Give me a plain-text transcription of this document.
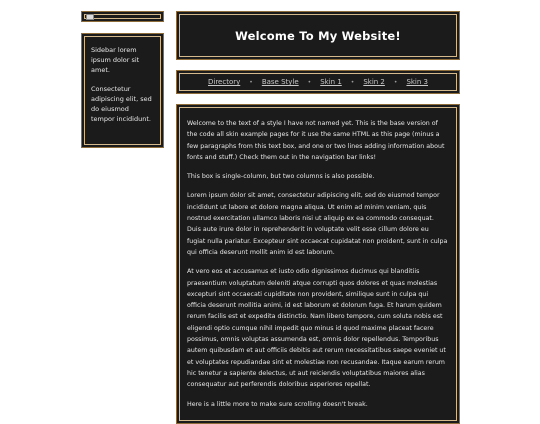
Sidebar lorem ipsum dolor sit amet.

Consectetur adipiscing elit, sed do eiusmod tempor incididunt.

Welcome To My Website!
Directory • Base Style • Skin 1 • Skin 2 • Skin 3

Welcome to the text of a style I have not named yet. This is the base version of the code all skin example pages for it use the same HTML as this page (minus a few paragraphs from this text box, and one or two lines adding information about fonts and stuff.) Check them out in the navigation bar links!

This box is single-column, but two columns is also possible.

Lorem ipsum dolor sit amet, consectetur adipiscing elit, sed do eiusmod tempor incididunt ut labore et dolore magna aliqua. Ut enim ad minim veniam, quis nostrud exercitation ullamco laboris nisi ut aliquip ex ea commodo consequat. Duis aute irure dolor in reprehenderit in voluptate velit esse cillum dolore eu fugiat nulla pariatur. Excepteur sint occaecat cupidatat non proident, sunt in culpa qui officia deserunt mollit anim id est laborum.

At vero eos et accusamus et iusto odio dignissimos ducimus qui blanditiis praesentium voluptatum deleniti atque corrupti quos dolores et quas molestias excepturi sint occaecati cupiditate non provident, similique sunt in culpa qui officia deserunt mollitia animi, id est laborum et dolorum fuga. Et harum quidem rerum facilis est et expedita distinctio. Nam libero tempore, cum soluta nobis est eligendi optio cumque nihil impedit quo minus id quod maxime placeat facere possimus, omnis voluptas assumenda est, omnis dolor repellendus. Temporibus autem quibusdam et aut officiis debitis aut rerum necessitatibus saepe eveniet ut et voluptates repudiandae sint et molestiae non recusandae. Itaque earum rerum hic tenetur a sapiente delectus, ut aut reiciendis voluptatibus maiores alias consequatur aut perferendis doloribus asperiores repellat.

Here is a little more to make sure scrolling doesn't break.
